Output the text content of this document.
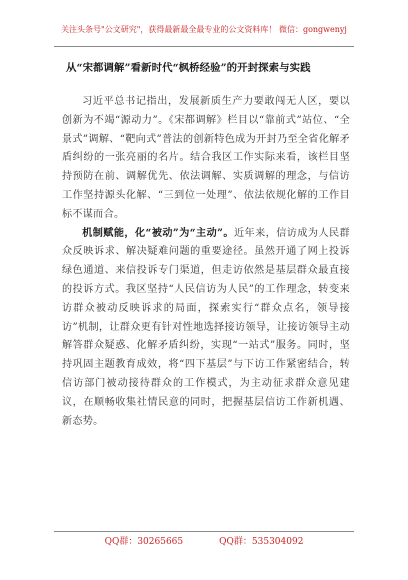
关注头条号"公文研究"，获得最新最全最专业的公文资料库！ 微信：gongwenyj
从“宋都调解”看新时代“枫桥经验”的开封探索与实践

习近平总书记指出，发展新质生产力要敢闯无人区，要以创新为不竭“源动力”。《宋都调解》栏目以“靠前式”站位、“全景式”调解、“靶向式”普法的创新特色成为开封乃至全省化解矛盾纠纷的一张亮丽的名片。结合我区工作实际来看，该栏目坚持预防在前、调解优先、依法调解、实质调解的理念，与信访工作坚持源头化解、“三到位一处理”、依法依规化解的工作目标不谋而合。

机制赋能，化“被动”为“主动”。近年来，信访成为人民群众反映诉求、解决疑难问题的重要途径。虽然开通了网上投诉绿色通道、来信投诉专门渠道，但走访依然是基层群众最直接的投诉方式。我区坚持“人民信访为人民”的工作理念，转变来访群众被动反映诉求的局面，探索实行“群众点名，领导接访”机制，让群众更有针对性地选择接访领导，让接访领导主动解答群众疑惑、化解矛盾纠纷，实现“一站式”服务。同时，坚持巩固主题教育成效，将“四下基层”与下访工作紧密结合，转信访部门被动接待群众的工作模式，为主动征求群众意见建议，在顺畅收集社情民意的同时，把握基层信访工作新机遇、新态势。

QQ群：30265665	QQ群：535304092
